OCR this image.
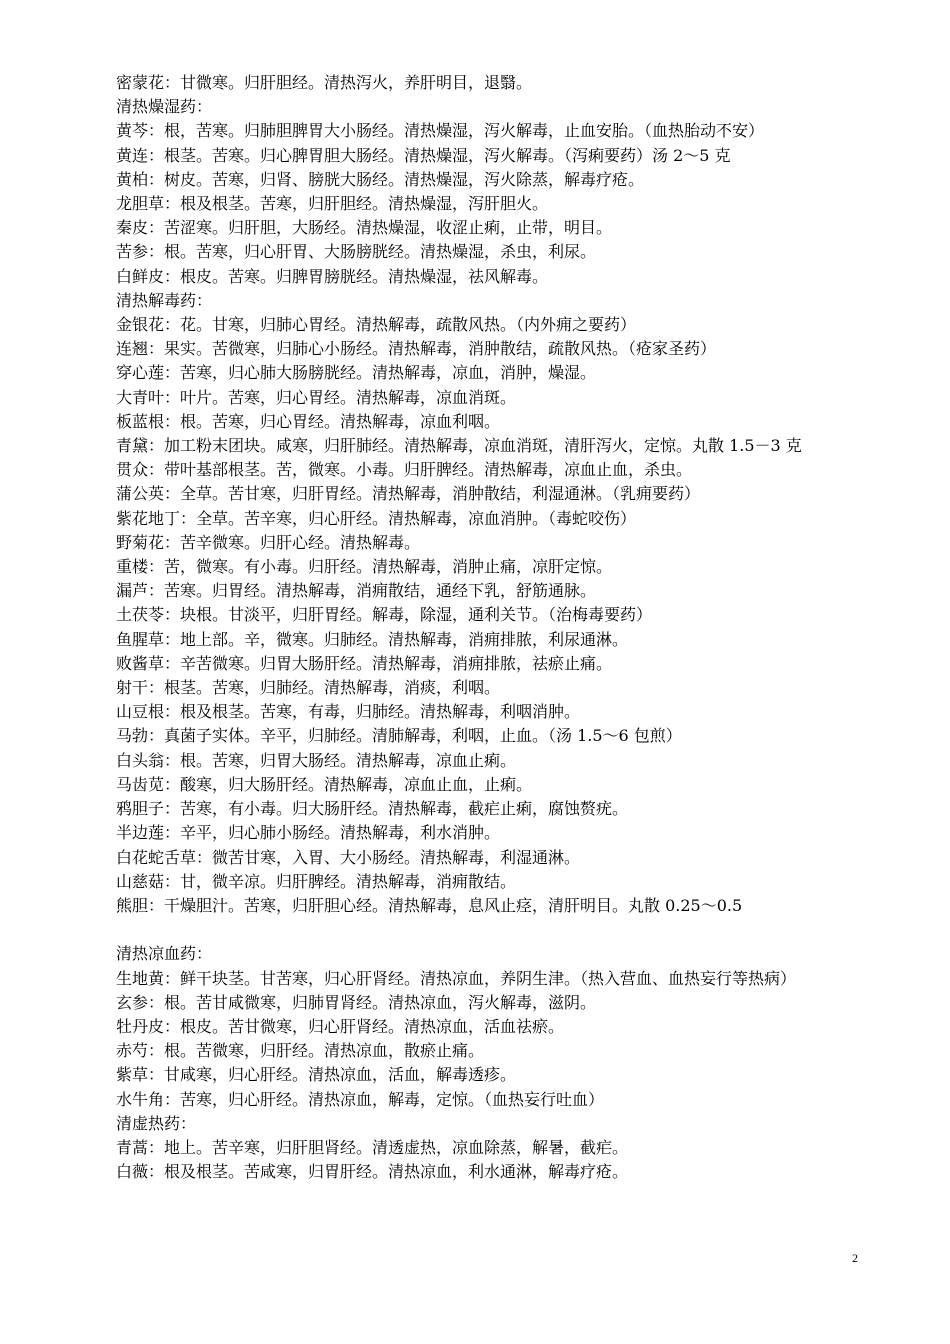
密蒙花：甘微寒。归肝胆经。清热泻火，养肝明目，退翳。
清热燥湿药：
黄芩：根，苦寒。归肺胆脾胃大小肠经。清热燥湿，泻火解毒，止血安胎。（血热胎动不安）
黄连：根茎。苦寒。归心脾胃胆大肠经。清热燥湿，泻火解毒。（泻痢要药）汤 2～5 克
黄柏：树皮。苦寒，归肾、膀胱大肠经。清热燥湿，泻火除蒸，解毒疗疮。
龙胆草：根及根茎。苦寒，归肝胆经。清热燥湿，泻肝胆火。
秦皮：苦涩寒。归肝胆，大肠经。清热燥湿，收涩止痢，止带，明目。
苦参：根。苦寒，归心肝胃、大肠膀胱经。清热燥湿，杀虫，利尿。
白鲜皮：根皮。苦寒。归脾胃膀胱经。清热燥湿，祛风解毒。
清热解毒药：
金银花：花。甘寒，归肺心胃经。清热解毒，疏散风热。（内外痈之要药）
连翘：果实。苦微寒，归肺心小肠经。清热解毒，消肿散结，疏散风热。（疮家圣药）
穿心莲：苦寒，归心肺大肠膀胱经。清热解毒，凉血，消肿，燥湿。
大青叶：叶片。苦寒，归心胃经。清热解毒，凉血消斑。
板蓝根：根。苦寒，归心胃经。清热解毒，凉血利咽。
青黛：加工粉末团块。咸寒，归肝肺经。清热解毒，凉血消斑，清肝泻火，定惊。丸散 1.5－3 克
贯众：带叶基部根茎。苦，微寒。小毒。归肝脾经。清热解毒，凉血止血，杀虫。
蒲公英：全草。苦甘寒，归肝胃经。清热解毒，消肿散结，利湿通淋。（乳痈要药）
紫花地丁：全草。苦辛寒，归心肝经。清热解毒，凉血消肿。（毒蛇咬伤）
野菊花：苦辛微寒。归肝心经。清热解毒。
重楼：苦，微寒。有小毒。归肝经。清热解毒，消肿止痛，凉肝定惊。
漏芦：苦寒。归胃经。清热解毒，消痈散结，通经下乳，舒筋通脉。
土茯苓：块根。甘淡平，归肝胃经。解毒，除湿，通利关节。（治梅毒要药）
鱼腥草：地上部。辛，微寒。归肺经。清热解毒，消痈排脓，利尿通淋。
败酱草：辛苦微寒。归胃大肠肝经。清热解毒，消痈排脓，祛瘀止痛。
射干：根茎。苦寒，归肺经。清热解毒，消痰，利咽。
山豆根：根及根茎。苦寒，有毒，归肺经。清热解毒，利咽消肿。
马勃：真菌子实体。辛平，归肺经。清肺解毒，利咽，止血。（汤 1.5～6 包煎）
白头翁：根。苦寒，归胃大肠经。清热解毒，凉血止痢。
马齿苋：酸寒，归大肠肝经。清热解毒，凉血止血，止痢。
鸦胆子：苦寒，有小毒。归大肠肝经。清热解毒，截疟止痢，腐蚀赘疣。
半边莲：辛平，归心肺小肠经。清热解毒，利水消肿。
白花蛇舌草：微苦甘寒，入胃、大小肠经。清热解毒，利湿通淋。
山慈菇：甘，微辛凉。归肝脾经。清热解毒，消痈散结。
熊胆：干燥胆汁。苦寒，归肝胆心经。清热解毒，息风止痉，清肝明目。丸散 0.25～0.5
清热凉血药：
生地黄：鲜干块茎。甘苦寒，归心肝肾经。清热凉血，养阴生津。（热入营血、血热妄行等热病）
玄参：根。苦甘咸微寒，归肺胃肾经。清热凉血，泻火解毒，滋阴。
牡丹皮：根皮。苦甘微寒，归心肝肾经。清热凉血，活血祛瘀。
赤芍：根。苦微寒，归肝经。清热凉血，散瘀止痛。
紫草：甘咸寒，归心肝经。清热凉血，活血，解毒透疹。
水牛角：苦寒，归心肝经。清热凉血，解毒，定惊。（血热妄行吐血）
清虚热药：
青蒿：地上。苦辛寒，归肝胆肾经。清透虚热，凉血除蒸，解暑，截疟。
白薇：根及根茎。苦咸寒，归胃肝经。清热凉血，利水通淋，解毒疗疮。
2
